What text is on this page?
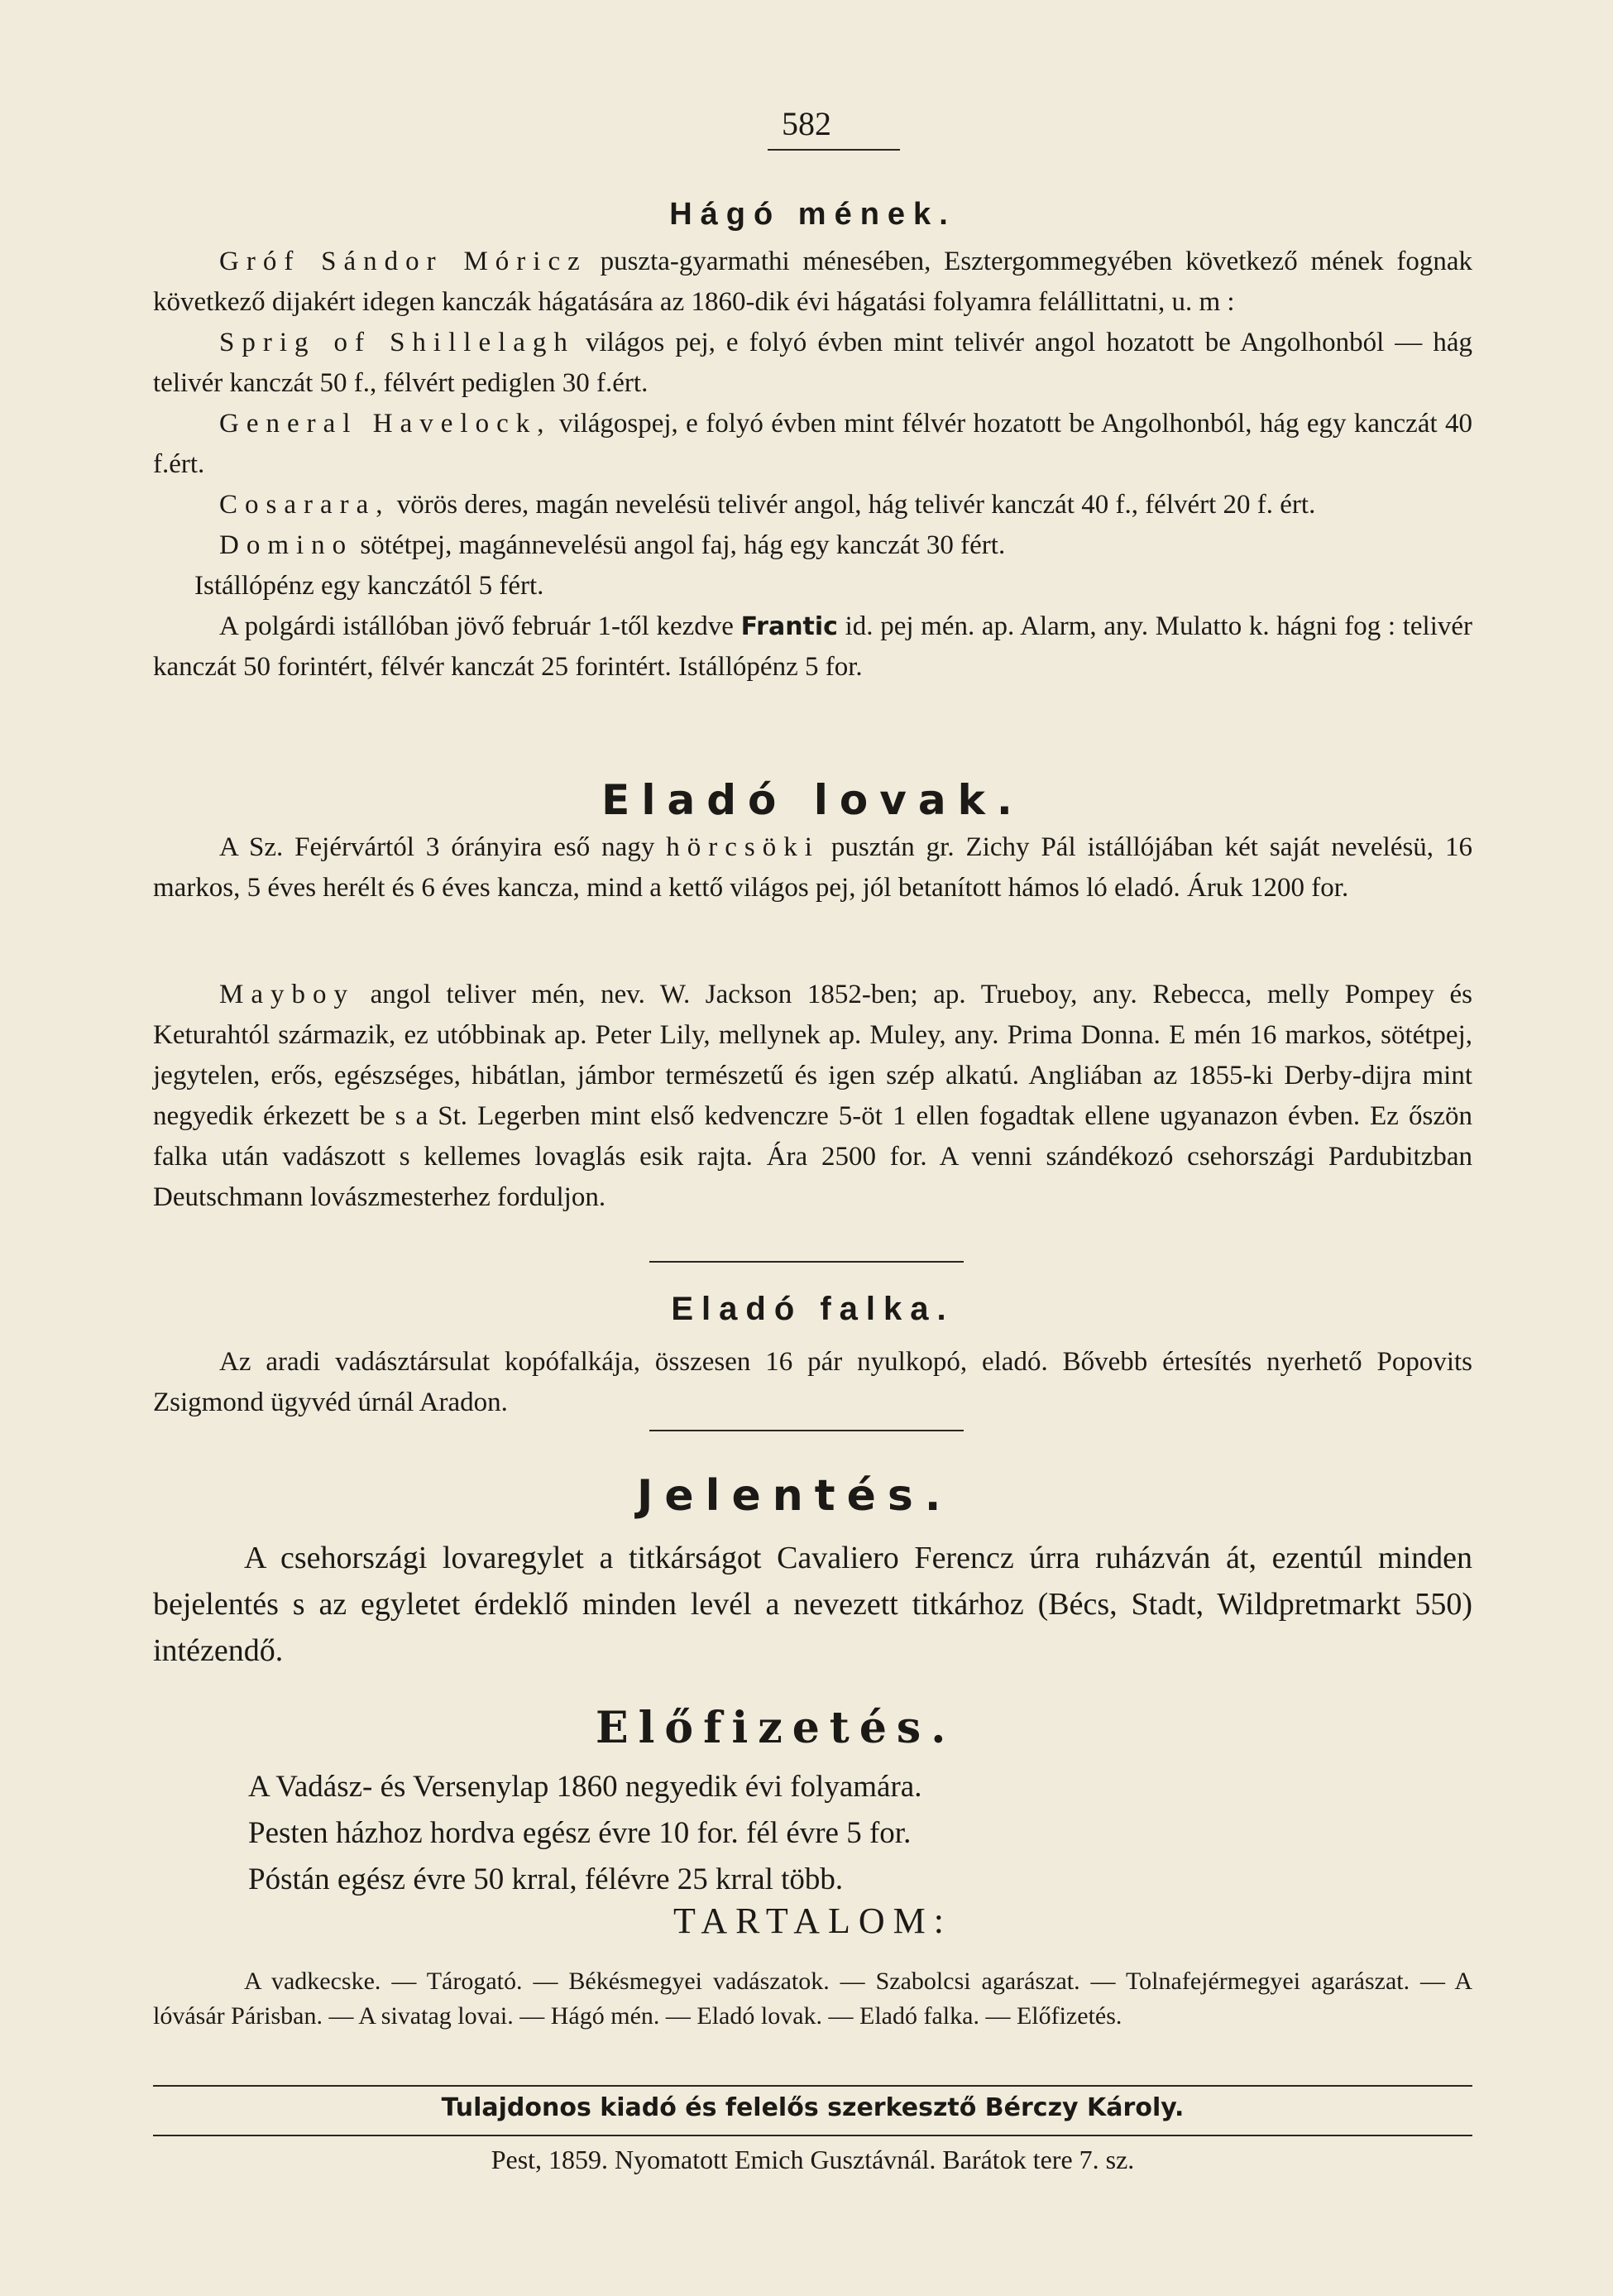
582
Hágó mének.

Gróf Sándor Móricz puszta-gyarmathi ménesében, Esztergommegyében következő mének fognak következő dijakért idegen kanczák hágatására az 1860-dik évi hágatási folyamra felállittatni, u. m :

Sprig of Shillelagh világos pej, e folyó évben mint telivér angol hozatott be Angolhonból — hág telivér kanczát 50 f., félvért pediglen 30 f.ért.

General Havelock, világospej, e folyó évben mint félvér hozatott be Angolhonból, hág egy kanczát 40 f.ért.

Cosarara, vörös deres, magán nevelésü telivér angol, hág telivér kanczát 40 f., félvért 20 f. ért.

Domino sötétpej, magánnevelésü angol faj, hág egy kanczát 30 fért.

Istállópénz egy kanczától 5 fért.

A polgárdi istállóban jövő február 1-től kezdve Frantic id. pej mén. ap. Alarm, any. Mulatto k. hágni fog : telivér kanczát 50 forintért, félvér kanczát 25 forintért. Istállópénz 5 for.

Eladó lovak.

A Sz. Fejérvártól 3 órányira eső nagy hörcsöki pusztán gr. Zichy Pál istállójában két saját nevelésü, 16 markos, 5 éves herélt és 6 éves kancza, mind a kettő világos pej, jól betanított hámos ló eladó. Áruk 1200 for.

Mayboy angol teliver mén, nev. W. Jackson 1852-ben; ap. Trueboy, any. Rebecca, melly Pompey és Keturahtól származik, ez utóbbinak ap. Peter Lily, mellynek ap. Muley, any. Prima Donna. E mén 16 markos, sötétpej, jegytelen, erős, egészséges, hibátlan, jámbor természetű és igen szép alkatú. Angliában az 1855-ki Derby-dijra mint negyedik érkezett be s a St. Legerben mint első kedvenczre 5-öt 1 ellen fogadtak ellene ugyanazon évben. Ez őszön falka után vadászott s kellemes lovaglás esik rajta. Ára 2500 for. A venni szándékozó csehországi Pardubitzban Deutschmann lovászmesterhez forduljon.

Eladó falka.

Az aradi vadásztársulat kopófalkája, összesen 16 pár nyulkopó, eladó. Bővebb értesítés nyerhető Popovits Zsigmond ügyvéd úrnál Aradon.

Jelentés.

A csehországi lovaregylet a titkárságot Cavaliero Ferencz úrra ruházván át, ezentúl minden bejelentés s az egyletet érdeklő minden levél a nevezett titkárhoz (Bécs, Stadt, Wildpretmarkt 550) intézendő.

Előfizetés.

A Vadász- és Versenylap 1860 negyedik évi folyamára.

Pesten házhoz hordva egész évre 10 for. fél évre 5 for.

Póstán egész évre 50 krral, félévre 25 krral több.

TARTALOM:

A vadkecske. — Tárogató. — Békésmegyei vadászatok. — Szabolcsi agarászat. — Tolnafejérmegyei agarászat. — A lóvásár Párisban. — A sivatag lovai. — Hágó mén. — Eladó lovak. — Eladó falka. — Előfizetés.

Tulajdonos kiadó és felelős szerkesztő Bérczy Károly.
Pest, 1859. Nyomatott Emich Gusztávnál. Barátok tere 7. sz.
